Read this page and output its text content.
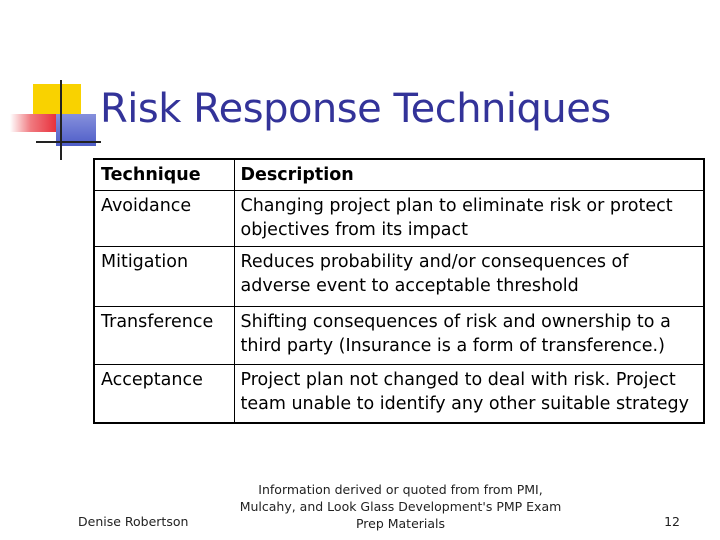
Risk Response Techniques
Technique	Description
Avoidance	Changing project plan to eliminate risk or protect objectives from its impact
Mitigation	Reduces probability and/or consequences of adverse event to acceptable threshold
Transference	Shifting consequences of risk and ownership to a third party (Insurance is a form of transference.)
Acceptance	Project plan not changed to deal with risk. Project team unable to identify any other suitable strategy
Denise Robertson
Information derived or quoted from from PMI,
Mulcahy, and Look Glass Development's PMP Exam
Prep Materials	12
